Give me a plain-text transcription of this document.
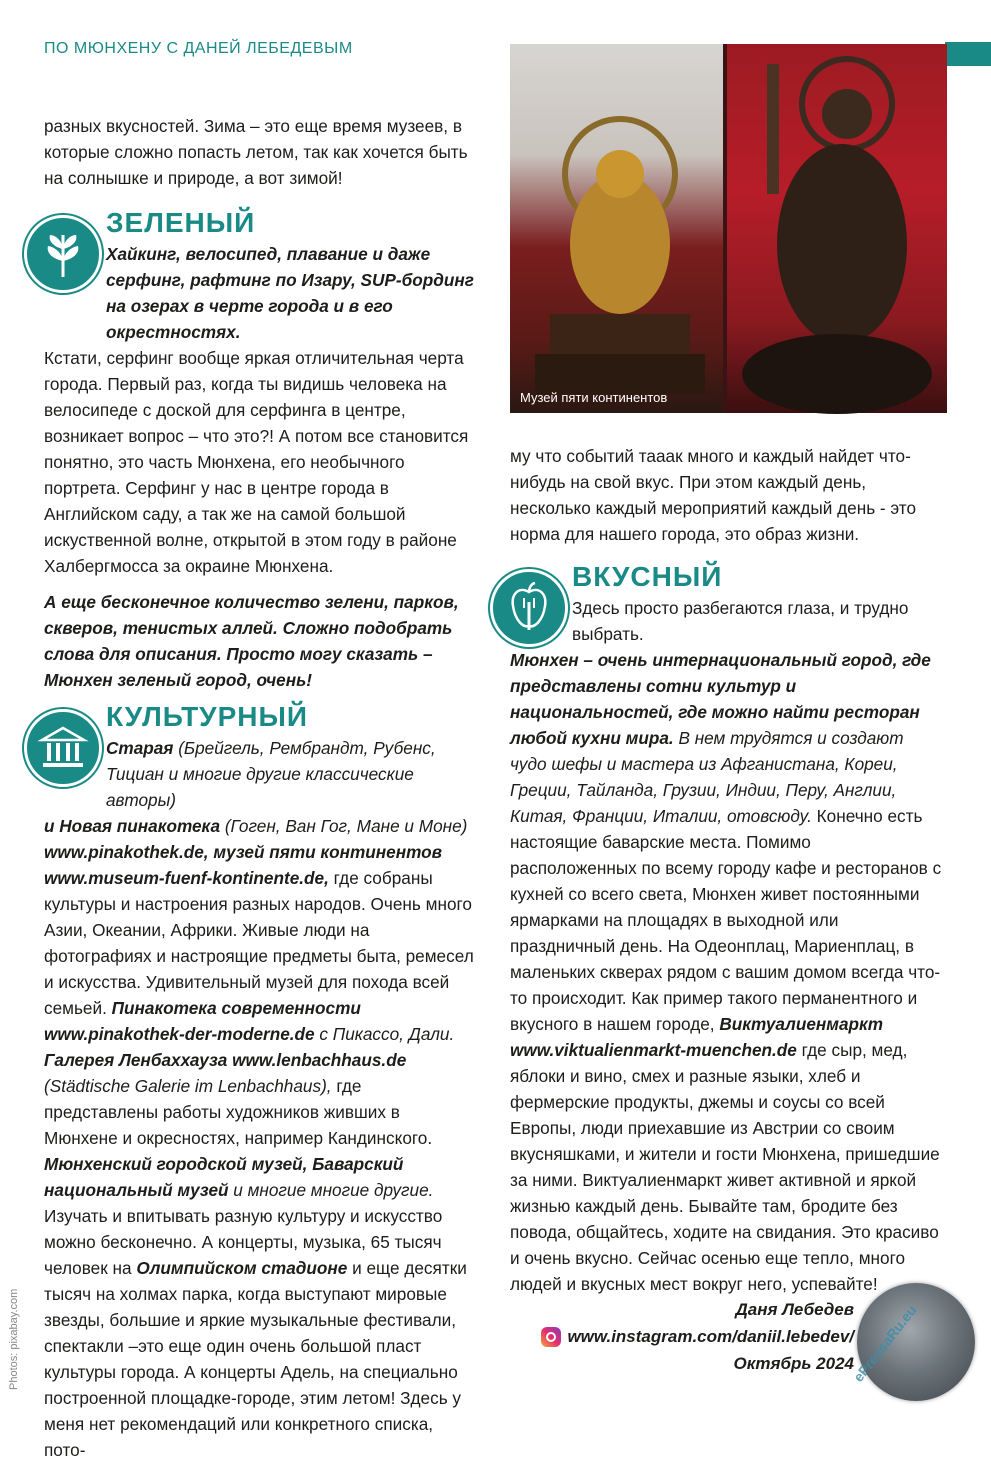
ПО МЮНХЕНУ С ДАНЕЙ ЛЕБЕДЕВЫМ
Музей пяти континентов

разных вкусностей. Зима – это еще время музеев, в которые сложно попасть летом, так как хочется быть на солнышке и природе, а вот зимой!

ЗЕЛЕНЫЙ

Хайкинг, велосипед, плавание и даже серфинг, рафтинг по Изару, SUP-бординг на озерах в черте города и в его окрестностях.

Кстати, серфинг вообще яркая отличительная черта города. Первый раз, когда ты видишь человека на велосипеде с доской для серфинга в центре, возникает вопрос – что это?! А потом все становится понятно, это часть Мюнхена, его необычного портрета. Серфинг у нас в центре города в Английском саду, а так же на самой большой искуственной волне, открытой в этом году в районе Халбергмосса за окраине Мюнхена.

А еще бесконечное количество зелени, парков, скверов, тенистых аллей. Сложно подобрать слова для описания. Просто могу сказать – Мюнхен зеленый город, очень!

КУЛЬТУРНЫЙ

Старая (Брейгель, Рембрандт, Рубенс, Тициан и многие другие классические авторы)

и Новая пинакотека (Гоген, Ван Гог, Мане и Моне) www.pinakothek.de, музей пяти континентов www.museum-fuenf-kontinente.de, где собраны культуры и настроения разных народов. Очень много Азии, Океании, Африки. Живые люди на фотографиях и настроящие предметы быта, ремесел и искусства. Удивительный музей для похода всей семьей. Пинакотека современности www.pinakothek-der-moderne.de с Пикассо, Дали. Галерея Ленбаххауза www.lenbachhaus.de (Städtische Galerie im Lenbachhaus), где представлены работы художников живших в Мюнхене и окресностях, например Кандинского. Мюнхенский городской музей, Баварский национальный музей и многие многие другие. Изучать и впитывать разную культуру и искусство можно бесконечно. А концерты, музыка, 65 тысяч человек на Олимпийском стадионе и еще десятки тысяч на холмах парка, когда выступают мировые звезды, большие и яркие музыкальные фестивали, спектакли –это еще один очень большой пласт культуры города. А концерты Адель, на специально построенной площадке-городе, этим летом! Здесь у меня нет рекомендаций или конкретного списка, пото-

му что событий тааак много и каждый найдет что-нибудь на свой вкус. При этом каждый день, несколько каждый мероприятий каждый день - это норма для нашего города, это образ жизни.

ВКУСНЫЙ

Здесь просто разбегаются глаза, и трудно выбрать.

Мюнхен – очень интернациональный город, где представлены сотни культур и национальностей, где можно найти ресторан любой кухни мира. В нем трудятся и создают чудо шефы и мастера из Афганистана, Кореи, Греции, Тайланда, Грузии, Индии, Перу, Англии, Китая, Франции, Италии, отовсюду. Конечно есть настоящие баварские места. Помимо расположенных по всему городу кафе и ресторанов с кухней со всего света, Мюнхен живет постоянными ярмарками на площадях в выходной или праздничный день. На Одеонплац, Мариенплац, в маленьких скверах рядом с вашим домом всегда что-то происходит. Как пример такого перманентного и вкусного в нашем городе, Виктуалиенмаркт www.viktualienmarkt-muenchen.de где сыр, мед, яблоки и вино, смех и разные языки, хлеб и фермерские продукты, джемы и соусы со всей Европы, люди приехавшие из Австрии со своим вкусняшками, и жители и гости Мюнхена, пришедшие за ними. Виктуалиенмаркт живет активной и яркой жизнью каждый день. Бывайте там, бродите без повода, общайтесь, ходите на свидания. Это красиво и очень вкусно. Сейчас осенью еще тепло, много людей и вкусных мест вокруг него, успевайте!

Даня Лебедев
www.instagram.com/daniil.lebedev/
Октябрь 2024
ePressaRu.eu
Photos: pixabay.com
